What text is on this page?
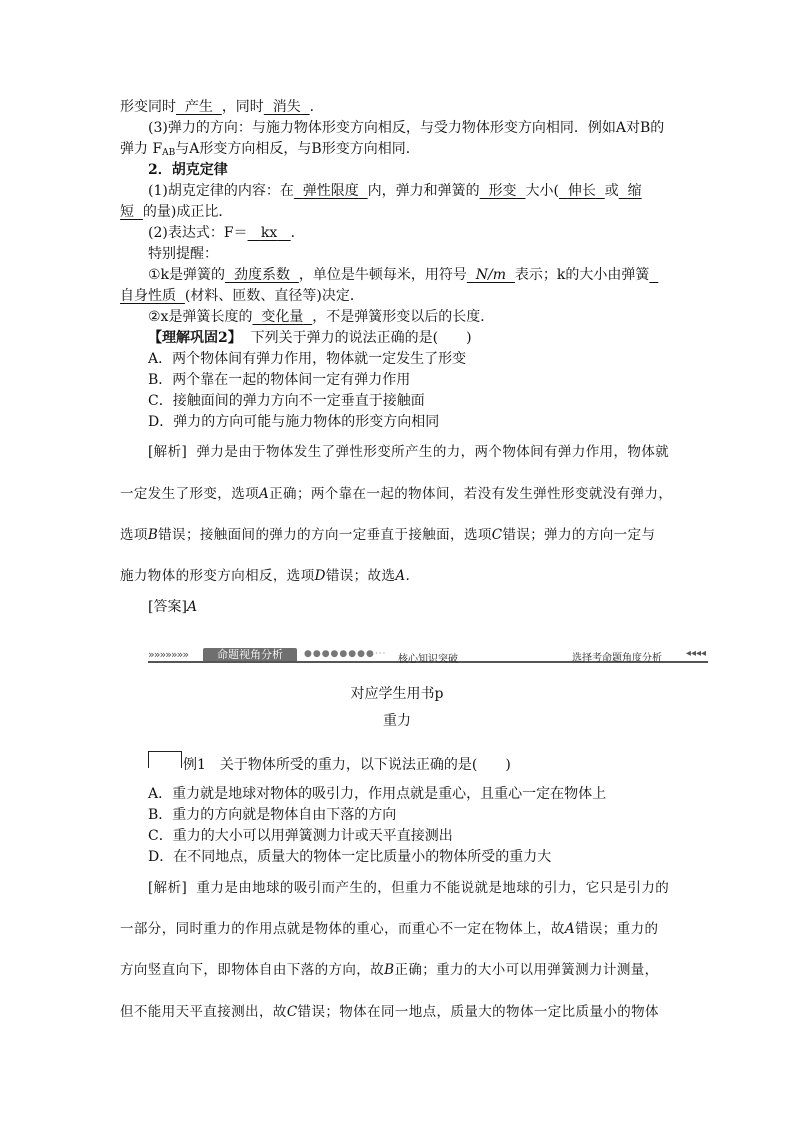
形变同时 产生 ，同时 消失 ．
(3)弹力的方向：与施力物体形变方向相反，与受力物体形变方向相同．例如A对B的
弹力 $F_{AB}$与A形变方向相反，与B形变方向相同．
2．胡克定律
(1)胡克定律的内容：在 弹性限度 内，弹力和弹簧的 形变 大小( 伸长 或 缩
短 的量)成正比．
(2)表达式：F＝ kx ．
特别提醒：
①k是弹簧的 劲度系数 ，单位是牛顿每米，用符号 N/m 表示；k的大小由弹簧
自身性质 (材料、匝数、直径等)决定．
②x是弹簧长度的 变化量 ，不是弹簧形变以后的长度．
【理解巩固2】 下列关于弹力的说法正确的是(　　)
A．两个物体间有弹力作用，物体就一定发生了形变
B．两个靠在一起的物体间一定有弹力作用
C．接触面间的弹力方向不一定垂直于接触面
D．弹力的方向可能与施力物体的形变方向相同
[解析] 弹力是由于物体发生了弹性形变所产生的力，两个物体间有弹力作用，物体就
一定发生了形变，选项A正确；两个靠在一起的物体间，若没有发生弹性形变就没有弹力，
选项B错误；接触面间的弹力的方向一定垂直于接触面，选项C错误；弹力的方向一定与
施力物体的形变方向相反，选项D错误；故选A.
[答案]A
»»»»»»»	命题视角分析	●●●●●●●●··· 核心知识突破	选择考命题角度分析 ◂◂◂◂
对应学生用书p
重力
例1　关于物体所受的重力，以下说法正确的是(　　)
A．重力就是地球对物体的吸引力，作用点就是重心，且重心一定在物体上
B．重力的方向就是物体自由下落的方向
C．重力的大小可以用弹簧测力计或天平直接测出
D．在不同地点，质量大的物体一定比质量小的物体所受的重力大
[解析] 重力是由地球的吸引而产生的，但重力不能说就是地球的引力，它只是引力的
一部分，同时重力的作用点就是物体的重心，而重心不一定在物体上，故A错误；重力的
方向竖直向下，即物体自由下落的方向，故B正确；重力的大小可以用弹簧测力计测量，
但不能用天平直接测出，故C错误；物体在同一地点，质量大的物体一定比质量小的物体
